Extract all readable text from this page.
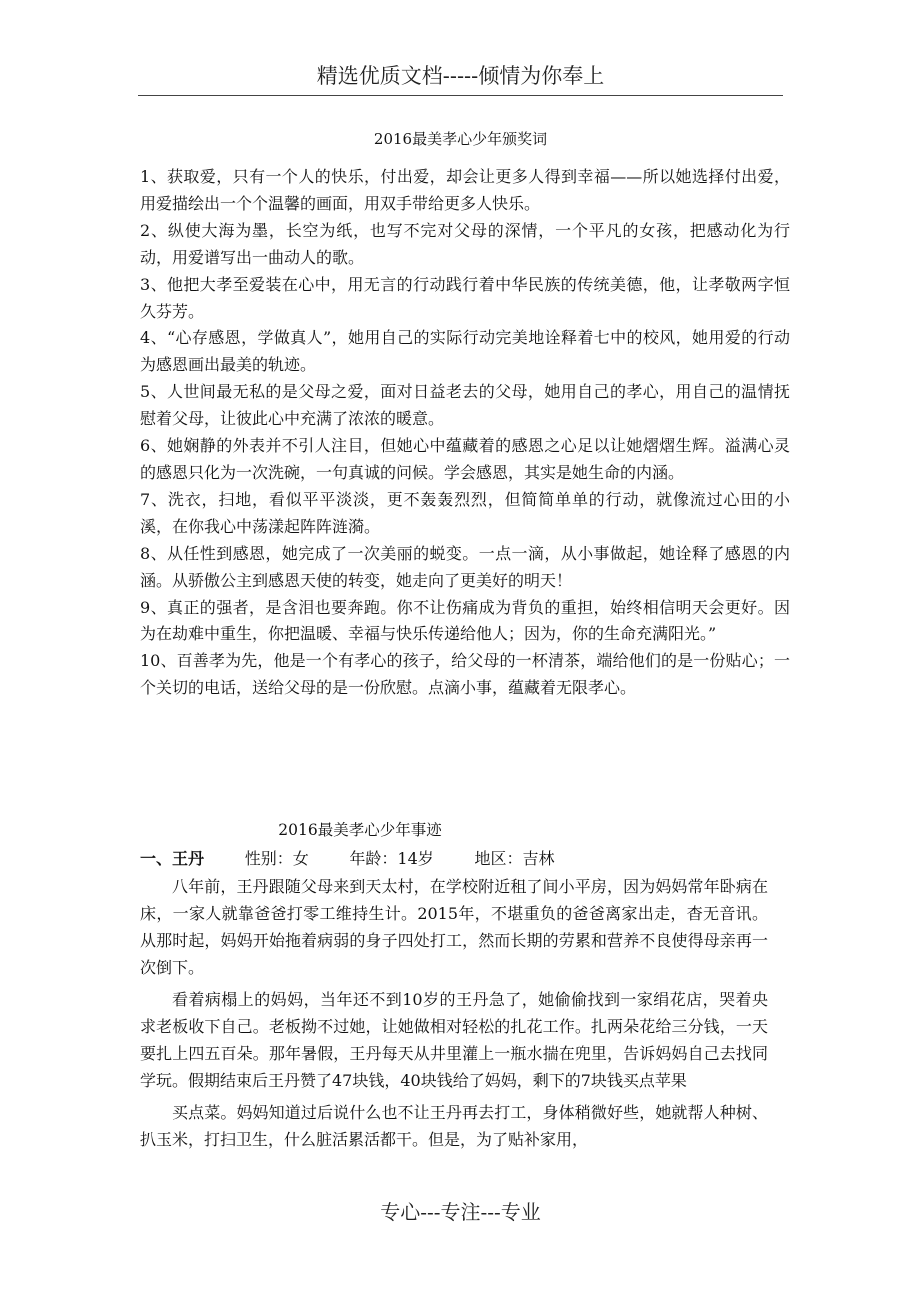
精选优质文档-----倾情为你奉上
2016最美孝心少年颁奖词
1、获取爱，只有一个人的快乐，付出爱，却会让更多人得到幸福——所以她选择付出爱，用爱描绘出一个个温馨的画面，用双手带给更多人快乐。
2、纵使大海为墨，长空为纸，也写不完对父母的深情，一个平凡的女孩，把感动化为行动，用爱谱写出一曲动人的歌。
3、他把大孝至爱装在心中，用无言的行动践行着中华民族的传统美德，他，让孝敬两字恒久芬芳。
4、“心存感恩，学做真人”，她用自己的实际行动完美地诠释着七中的校风，她用爱的行动为感恩画出最美的轨迹。
5、人世间最无私的是父母之爱，面对日益老去的父母，她用自己的孝心，用自己的温情抚慰着父母，让彼此心中充满了浓浓的暖意。
6、她娴静的外表并不引人注目，但她心中蕴藏着的感恩之心足以让她熠熠生辉。溢满心灵的感恩只化为一次洗碗，一句真诚的问候。学会感恩，其实是她生命的内涵。
7、洗衣，扫地，看似平平淡淡，更不轰轰烈烈，但简简单单的行动，就像流过心田的小溪，在你我心中荡漾起阵阵涟漪。
8、从任性到感恩，她完成了一次美丽的蜕变。一点一滴，从小事做起，她诠释了感恩的内涵。从骄傲公主到感恩天使的转变，她走向了更美好的明天！
9、真正的强者，是含泪也要奔跑。你不让伤痛成为背负的重担，始终相信明天会更好。因为在劫难中重生，你把温暖、幸福与快乐传递给他人；因为，你的生命充满阳光。”
10、百善孝为先，他是一个有孝心的孩子，给父母的一杯清茶，端给他们的是一份贴心；一个关切的电话，送给父母的是一份欣慰。点滴小事，蕴藏着无限孝心。
2016最美孝心少年事迹
一、王丹	性别：女	年龄：14岁	地区：吉林

八年前，王丹跟随父母来到天太村，在学校附近租了间小平房，因为妈妈常年卧病在床，一家人就靠爸爸打零工维持生计。2015年，不堪重负的爸爸离家出走，杳无音讯。从那时起，妈妈开始拖着病弱的身子四处打工，然而长期的劳累和营养不良使得母亲再一次倒下。

看着病榻上的妈妈，当年还不到10岁的王丹急了，她偷偷找到一家绢花店，哭着央求老板收下自己。老板拗不过她，让她做相对轻松的扎花工作。扎两朵花给三分钱，一天要扎上四五百朵。那年暑假，王丹每天从井里灌上一瓶水揣在兜里，告诉妈妈自己去找同学玩。假期结束后王丹赞了47块钱，40块钱给了妈妈，剩下的7块钱买点苹果

买点菜。妈妈知道过后说什么也不让王丹再去打工，身体稍微好些，她就帮人种树、扒玉米，打扫卫生，什么脏活累活都干。但是，为了贴补家用，

专心---专注---专业
